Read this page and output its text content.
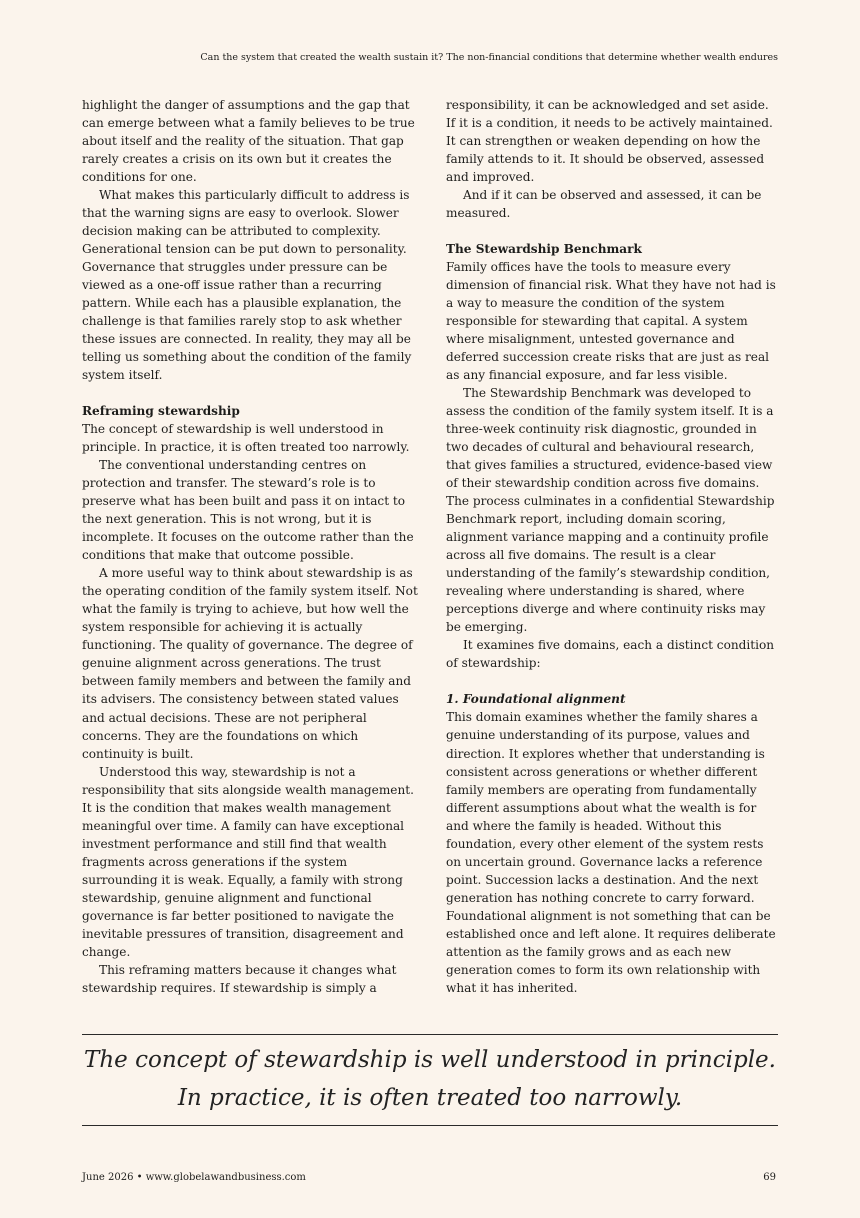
Can the system that created the wealth sustain it? The non-financial conditions that determine whether wealth endures

highlight the danger of assumptions and the gap that can emerge between what a family believes to be true about itself and the reality of the situation. That gap rarely creates a crisis on its own but it creates the conditions for one.

What makes this particularly difficult to address is that the warning signs are easy to overlook. Slower decision making can be attributed to complexity. Generational tension can be put down to personality. Governance that struggles under pressure can be viewed as a one-off issue rather than a recurring pattern. While each has a plausible explanation, the challenge is that families rarely stop to ask whether these issues are connected. In reality, they may all be telling us something about the condition of the family system itself.

Reframing stewardship

The concept of stewardship is well understood in principle. In practice, it is often treated too narrowly.

The conventional understanding centres on protection and transfer. The steward’s role is to preserve what has been built and pass it on intact to the next generation. This is not wrong, but it is incomplete. It focuses on the outcome rather than the conditions that make that outcome possible.

A more useful way to think about stewardship is as the operating condition of the family system itself. Not what the family is trying to achieve, but how well the system responsible for achieving it is actually functioning. The quality of governance. The degree of genuine alignment across generations. The trust between family members and between the family and its advisers. The consistency between stated values and actual decisions. These are not peripheral concerns. They are the foundations on which continuity is built.

Understood this way, stewardship is not a responsibility that sits alongside wealth management. It is the condition that makes wealth management meaningful over time. A family can have exceptional investment performance and still find that wealth fragments across generations if the system surrounding it is weak. Equally, a family with strong stewardship, genuine alignment and functional governance is far better positioned to navigate the inevitable pressures of transition, disagreement and change.

This reframing matters because it changes what stewardship requires. If stewardship is simply a

responsibility, it can be acknowledged and set aside. If it is a condition, it needs to be actively maintained. It can strengthen or weaken depending on how the family attends to it. It should be observed, assessed and improved.

And if it can be observed and assessed, it can be measured.

The Stewardship Benchmark

Family offices have the tools to measure every dimension of financial risk. What they have not had is a way to measure the condition of the system responsible for stewarding that capital. A system where misalignment, untested governance and deferred succession create risks that are just as real as any financial exposure, and far less visible.

The Stewardship Benchmark was developed to assess the condition of the family system itself. It is a three-week continuity risk diagnostic, grounded in two decades of cultural and behavioural research, that gives families a structured, evidence-based view of their stewardship condition across five domains. The process culminates in a confidential Stewardship Benchmark report, including domain scoring, alignment variance mapping and a continuity profile across all five domains. The result is a clear understanding of the family’s stewardship condition, revealing where understanding is shared, where perceptions diverge and where continuity risks may be emerging.

It examines five domains, each a distinct condition of stewardship:

1. Foundational alignment

This domain examines whether the family shares a genuine understanding of its purpose, values and direction. It explores whether that understanding is consistent across generations or whether different family members are operating from fundamentally different assumptions about what the wealth is for and where the family is headed. Without this foundation, every other element of the system rests on uncertain ground. Governance lacks a reference point. Succession lacks a destination. And the next generation has nothing concrete to carry forward. Foundational alignment is not something that can be established once and left alone. It requires deliberate attention as the family grows and as each new generation comes to form its own relationship with what it has inherited.

The concept of stewardship is well understood in principle.
In practice, it is often treated too narrowly.
June 2026 • www.globelawandbusiness.com	69
